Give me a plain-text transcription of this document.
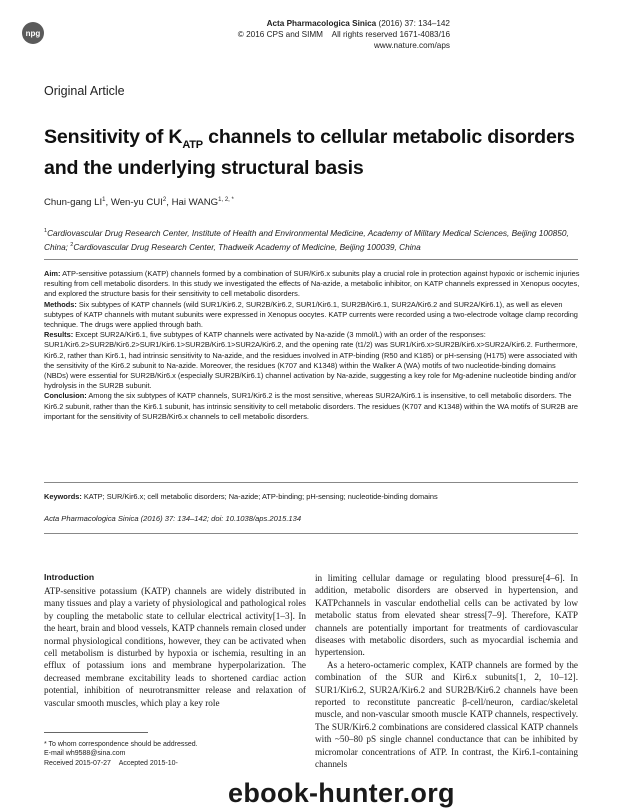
npg
Acta Pharmacologica Sinica (2016) 37: 134–142
© 2016 CPS and SIMM All rights reserved 1671-4083/16
www.nature.com/aps
Original Article
Sensitivity of $K_{ATP}$ channels to cellular metabolic disorders and the underlying structural basis
Chun-gang $LI^1$, Wen-yu CUI$^2$, Hai $WANG^{1, 2, *}$
$^1$Cardiovascular Drug Research Center, Institute of Health and Environmental Medicine, Academy of Military Medical Sciences, Beijing 100850, China; $^2$Cardiovascular Drug Research Center, Thadweik Academy of Medicine, Beijing 100039, China

Aim: ATP-sensitive potassium (KATP) channels formed by a combination of SUR/Kir6.x subunits play a crucial role in protection against hypoxic or ischemic injuries resulting from cell metabolic disorders. In this study we investigated the effects of Na-azide, a metabolic inhibitor, on KATP channels expressed in Xenopus oocytes, and explored the structure basis for their sensitivity to cell metabolic disorders.

Methods: Six subtypes of KATP channels (wild SUR1/Kir6.2, SUR2B/Kir6.2, SUR1/Kir6.1, SUR2B/Kir6.1, SUR2A/Kir6.2 and SUR2A/Kir6.1), as well as eleven subtypes of KATP channels with mutant subunits were expressed in Xenopus oocytes. KATP currents were recorded using a two-electrode voltage clamp recording technique. The drugs were applied through bath.

Results: Except SUR2A/Kir6.1, five subtypes of KATP channels were activated by Na-azide (3 mmol/L) with an order of the responses: SUR1/Kir6.2>SUR2B/Kir6.2>SUR1/Kir6.1>SUR2B/Kir6.1>SUR2A/Kir6.2, and the opening rate (t1/2) was SUR1/Kir6.x>SUR2B/Kir6.x>SUR2A/Kir6.2. Furthermore, Kir6.2, rather than Kir6.1, had intrinsic sensitivity to Na-azide, and the residues involved in ATP-binding (R50 and K185) or pH-sensing (H175) were associated with the sensitivity of the Kir6.2 subunit to Na-azide. Moreover, the residues (K707 and K1348) within the Walker A (WA) motifs of two nucleotide-binding domains (NBDs) were essential for SUR2B/Kir6.x (especially SUR2B/Kir6.1) channel activation by Na-azide, suggesting a key role for Mg-adenine nucleotide binding and/or hydrolysis in the SUR2B subunit.

Conclusion: Among the six subtypes of KATP channels, SUR1/Kir6.2 is the most sensitive, whereas SUR2A/Kir6.1 is insensitive, to cell metabolic disorders. The Kir6.2 subunit, rather than the Kir6.1 subunit, has intrinsic sensitivity to cell metabolic disorders. The residues (K707 and K1348) within the WA motifs of SUR2B are important for the sensitivity of SUR2B/Kir6.x channels to cell metabolic disorders.

Keywords: KATP; SUR/Kir6.x; cell metabolic disorders; Na-azide; ATP-binding; pH-sensing; nucleotide-binding domains
Acta Pharmacologica Sinica (2016) 37: 134–142; doi: 10.1038/aps.2015.134
Introduction

ATP-sensitive potassium (KATP) channels are widely distributed in many tissues and play a variety of physiological and pathological roles by coupling the metabolic state to cellular electrical activity[1–3]. In the heart, brain and blood vessels, KATP channels remain closed under normal physiological conditions, however, they can be activated when cell metabolism is disturbed by hypoxia or ischemia, resulting in an efflux of potassium ions and membrane hyperpolarization. The decreased membrane excitability leads to shortened cardiac action potential, inhibition of neurotransmitter release and relaxation of vascular smooth muscles, which play a key role

in limiting cellular damage or regulating blood pressure[4–6]. In addition, metabolic disorders are observed in hypertension, and KATPchannels in vascular endothelial cells can be activated by low metabolic status from elevated shear stress[7–9]. Therefore, KATP channels are potentially important for treatments of cardiovascular diseases with metabolic disorders, such as myocardial ischemia and hypertension.

As a hetero-octameric complex, KATP channels are formed by the combination of the SUR and Kir6.x subunits[1, 2, 10–12]. SUR1/Kir6.2, SUR2A/Kir6.2 and SUR2B/Kir6.2 channels have been reported to reconstitute pancreatic β-cell/neuron, cardiac/skeletal muscle, and non-vascular smooth muscle KATP channels, respectively. The SUR/Kir6.2 combinations are considered classical KATP channels with ~50–80 pS single channel conductance that can be inhibited by micromolar concentrations of ATP. In contrast, the Kir6.1-containing channels

* To whom correspondence should be addressed.

E-mail wh9588@sina.com

Received 2015-07-27 Accepted 2015-10-

ebook-hunter.org
